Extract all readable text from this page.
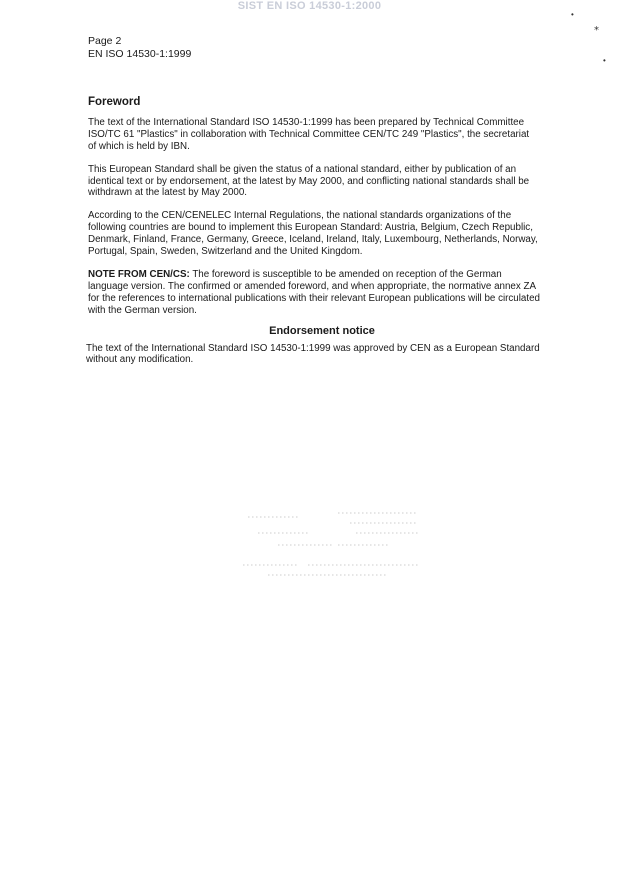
SIST EN ISO 14530-1:2000
•
⁎
•
Page 2
EN ISO 14530-1:1999
Foreword

The text of the International Standard ISO 14530-1:1999 has been prepared by Technical Committee ISO/TC 61 "Plastics" in collaboration with Technical Committee CEN/TC 249 "Plastics", the secretariat of which is held by IBN.

This European Standard shall be given the status of a national standard, either by publication of an identical text or by endorsement, at the latest by May 2000, and conflicting national standards shall be withdrawn at the latest by May 2000.

According to the CEN/CENELEC Internal Regulations, the national standards organizations of the following countries are bound to implement this European Standard: Austria, Belgium, Czech Republic, Denmark, Finland, France, Germany, Greece, Iceland, Ireland, Italy, Luxembourg, Netherlands, Norway, Portugal, Spain, Sweden, Switzerland and the United Kingdom.

NOTE FROM CEN/CS: The foreword is susceptible to be amended on reception of the German language version. The confirmed or amended foreword, and when appropriate, the normative annex ZA for the references to international publications with their relevant European publications will be circulated with the German version.

Endorsement notice

The text of the International Standard ISO 14530-1:1999 was approved by CEN as a European Standard without any modification.
